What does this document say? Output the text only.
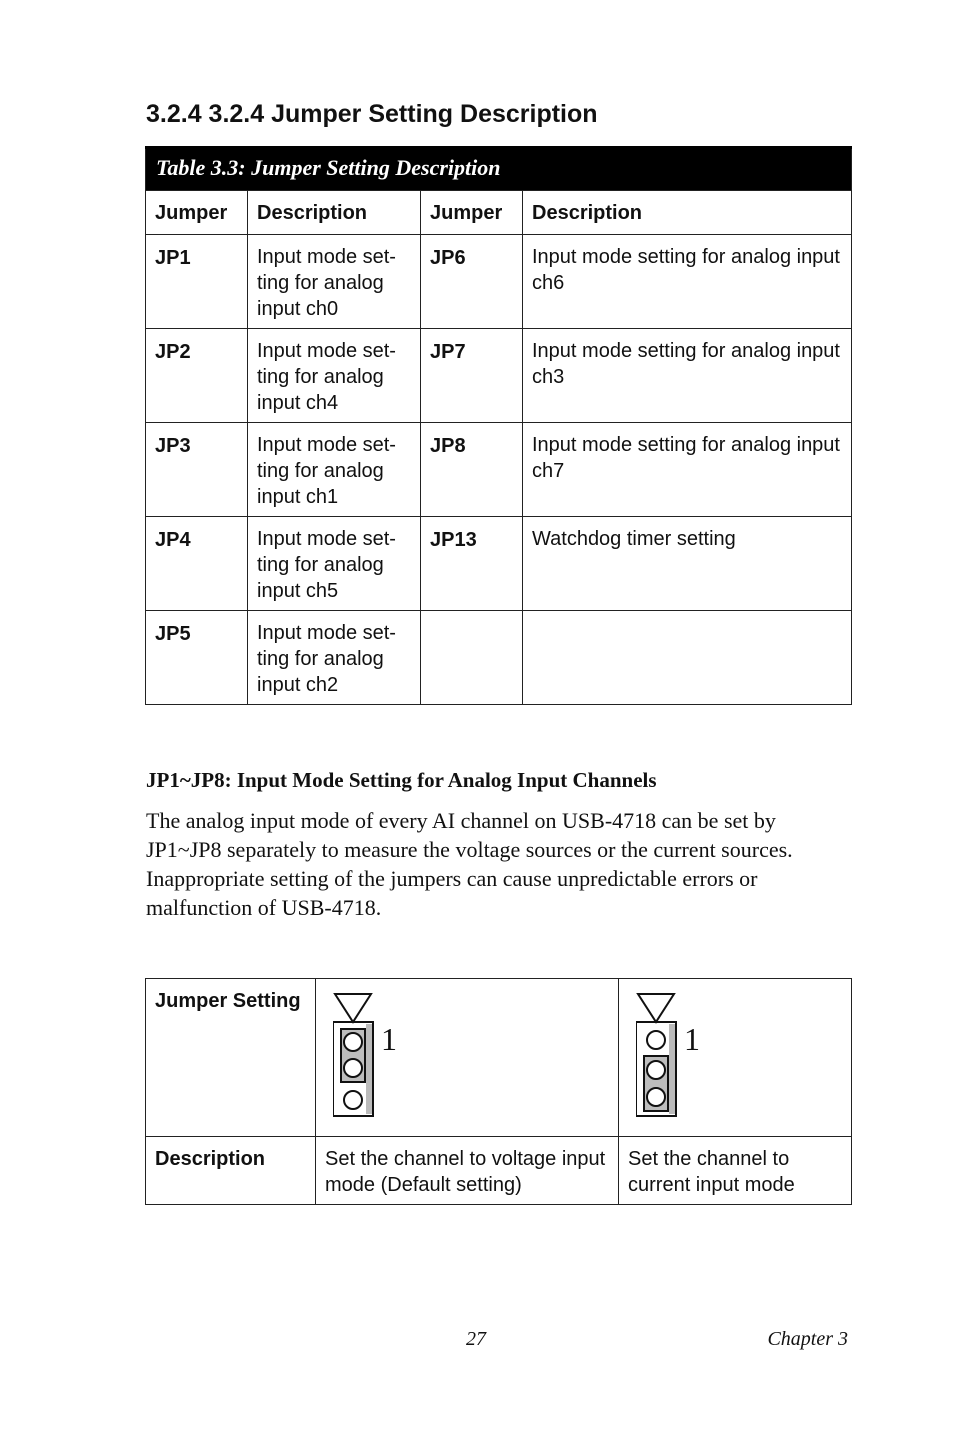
3.2.4 3.2.4 Jumper Setting Description
Table 3.3: Jumper Setting Description			
Jumper	Description	Jumper	Description
JP1	Input mode set- ting for analog input ch0	JP6	Input mode setting for analog input ch6
JP2	Input mode set- ting for analog input ch4	JP7	Input mode setting for analog input ch3
JP3	Input mode set- ting for analog input ch1	JP8	Input mode setting for analog input ch7
JP4	Input mode set- ting for analog input ch5	JP13	Watchdog timer setting
JP5	Input mode set- ting for analog input ch2		
JP1~JP8: Input Mode Setting for Analog Input Channels

The analog input mode of every AI channel on USB-4718 can be set by JP1~JP8 separately to measure the voltage sources or the current sources. Inappropriate setting of the jumpers can cause unpredictable errors or malfunction of USB-4718.

Jumper Setting	1	1

Description	Set the channel to voltage input mode (Default setting)	Set the channel to current input mode
27	Chapter 3
